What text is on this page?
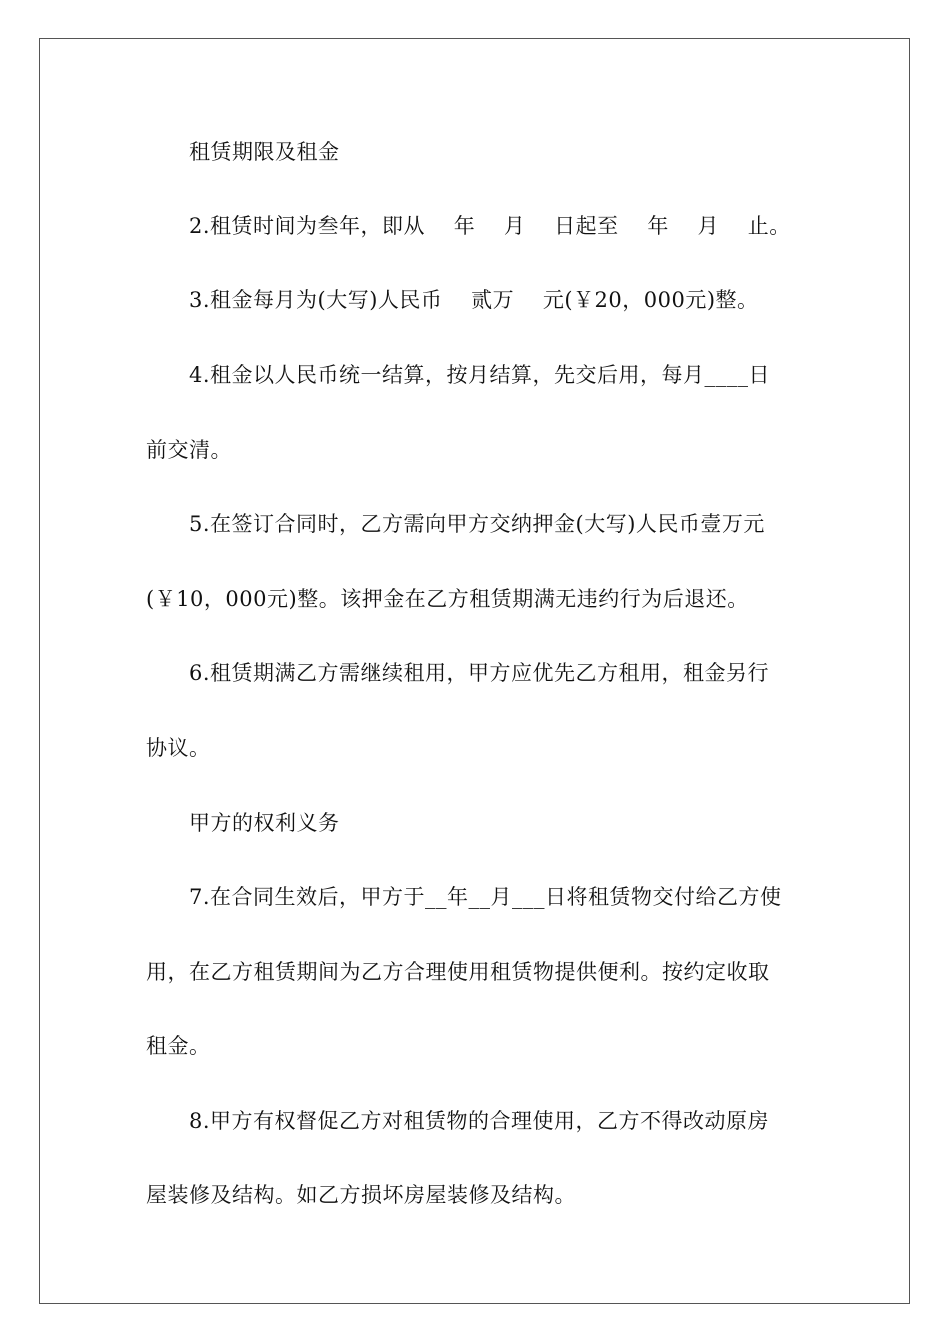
租赁期限及租金
2.租赁时间为叁年，即从    年    月    日起至    年    月    止。
3.租金每月为(大写)人民币    贰万    元(￥20，000元)整。
4.租金以人民币统一结算，按月结算，先交后用，每月____日
前交清。
5.在签订合同时，乙方需向甲方交纳押金(大写)人民币壹万元
(￥10，000元)整。该押金在乙方租赁期满无违约行为后退还。
6.租赁期满乙方需继续租用，甲方应优先乙方租用，租金另行
协议。
甲方的权利义务
7.在合同生效后，甲方于__年__月___日将租赁物交付给乙方使
用，在乙方租赁期间为乙方合理使用租赁物提供便利。按约定收取
租金。
8.甲方有权督促乙方对租赁物的合理使用，乙方不得改动原房
屋装修及结构。如乙方损坏房屋装修及结构。
